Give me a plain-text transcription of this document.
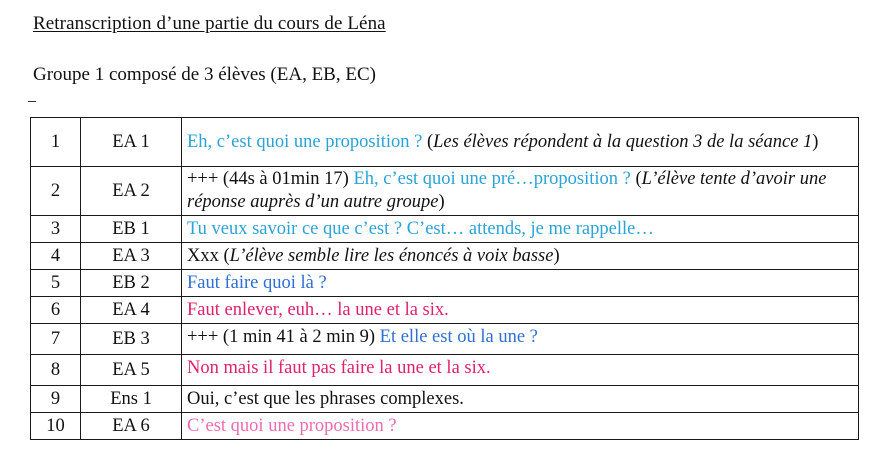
Retranscription d’une partie du cours de Léna
Groupe 1 composé de 3 élèves (EA, EB, EC)
1	EA 1	Eh, c’est quoi une proposition ? (Les élèves répondent à la question 3 de la séance 1)
2	EA 2	+++ (44s à 01min 17) Eh, c’est quoi une pré…proposition ? (L’élève tente d’avoir une réponse auprès d’un autre groupe)
3	EB 1	Tu veux savoir ce que c’est ? C’est… attends, je me rappelle…
4	EA 3	Xxx (L’élève semble lire les énoncés à voix basse)
5	EB 2	Faut faire quoi là ?
6	EA 4	Faut enlever, euh… la une et la six.
7	EB 3	+++ (1 min 41 à 2 min 9) Et elle est où la une ?
8	EA 5	Non mais il faut pas faire la une et la six.
9	Ens 1	Oui, c’est que les phrases complexes.
10	EA 6	C’est quoi une proposition ?
